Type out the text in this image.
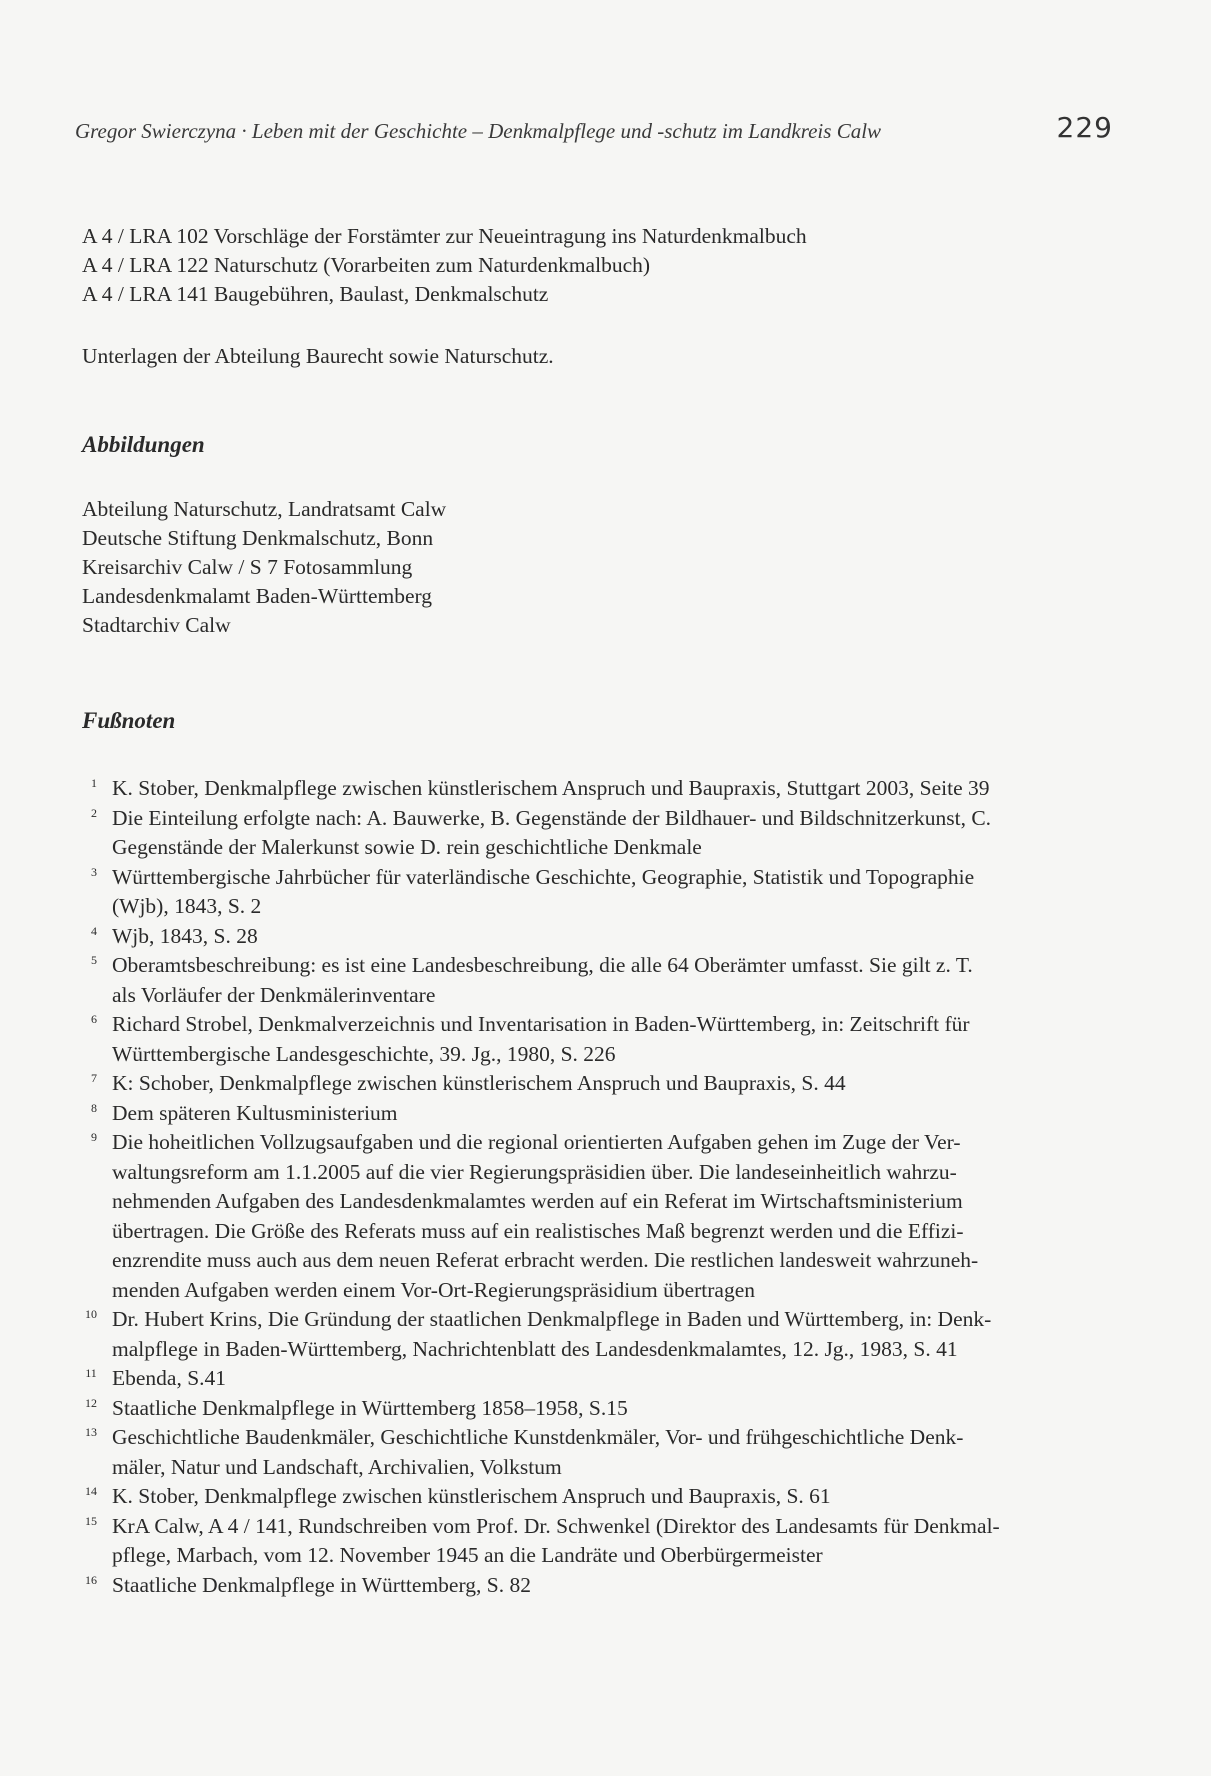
Gregor Swierczyna · Leben mit der Geschichte – Denkmalpflege und -schutz im Landkreis Calw	229

A 4 / LRA 102 Vorschläge der Forstämter zur Neueintragung ins Naturdenkmalbuch

A 4 / LRA 122 Naturschutz (Vorarbeiten zum Naturdenkmalbuch)

A 4 / LRA 141 Baugebühren, Baulast, Denkmalschutz

Unterlagen der Abteilung Baurecht sowie Naturschutz.

Abbildungen

Abteilung Naturschutz, Landratsamt Calw

Deutsche Stiftung Denkmalschutz, Bonn

Kreisarchiv Calw / S 7 Fotosammlung

Landesdenkmalamt Baden-Württemberg

Stadtarchiv Calw

Fußnoten
1 K. Stober, Denkmalpflege zwischen künstlerischem Anspruch und Baupraxis, Stuttgart 2003, Seite 39

2 Die Einteilung erfolgte nach: A. Bauwerke, B. Gegenstände der Bildhauer- und Bildschnitzerkunst, C.
Gegenstände der Malerkunst sowie D. rein geschichtliche Denkmale

3 Württembergische Jahrbücher für vaterländische Geschichte, Geographie, Statistik und Topographie
(Wjb), 1843, S. 2

4 Wjb, 1843, S. 28

5 Oberamtsbeschreibung: es ist eine Landesbeschreibung, die alle 64 Oberämter umfasst. Sie gilt z. T.
als Vorläufer der Denkmälerinventare

6 Richard Strobel, Denkmalverzeichnis und Inventarisation in Baden-Württemberg, in: Zeitschrift für
Württembergische Landesgeschichte, 39. Jg., 1980, S. 226

7 K: Schober, Denkmalpflege zwischen künstlerischem Anspruch und Baupraxis, S. 44

8 Dem späteren Kultusministerium

9 Die hoheitlichen Vollzugsaufgaben und die regional orientierten Aufgaben gehen im Zuge der Ver-
waltungsreform am 1.1.2005 auf die vier Regierungspräsidien über. Die landeseinheitlich wahrzu-
nehmenden Aufgaben des Landesdenkmalamtes werden auf ein Referat im Wirtschaftsministerium
übertragen. Die Größe des Referats muss auf ein realistisches Maß begrenzt werden und die Effizi-
enzrendite muss auch aus dem neuen Referat erbracht werden. Die restlichen landesweit wahrzuneh-
menden Aufgaben werden einem Vor-Ort-Regierungspräsidium übertragen

10 Dr. Hubert Krins, Die Gründung der staatlichen Denkmalpflege in Baden und Württemberg, in: Denk-
malpflege in Baden-Württemberg, Nachrichtenblatt des Landesdenkmalamtes, 12. Jg., 1983, S. 41

11 Ebenda, S.41

12 Staatliche Denkmalpflege in Württemberg 1858–1958, S.15

13 Geschichtliche Baudenkmäler, Geschichtliche Kunstdenkmäler, Vor- und frühgeschichtliche Denk-
mäler, Natur und Landschaft, Archivalien, Volkstum

14 K. Stober, Denkmalpflege zwischen künstlerischem Anspruch und Baupraxis, S. 61

15 KrA Calw, A 4 / 141, Rundschreiben vom Prof. Dr. Schwenkel (Direktor des Landesamts für Denkmal-
pflege, Marbach, vom 12. November 1945 an die Landräte und Oberbürgermeister

16 Staatliche Denkmalpflege in Württemberg, S. 82
